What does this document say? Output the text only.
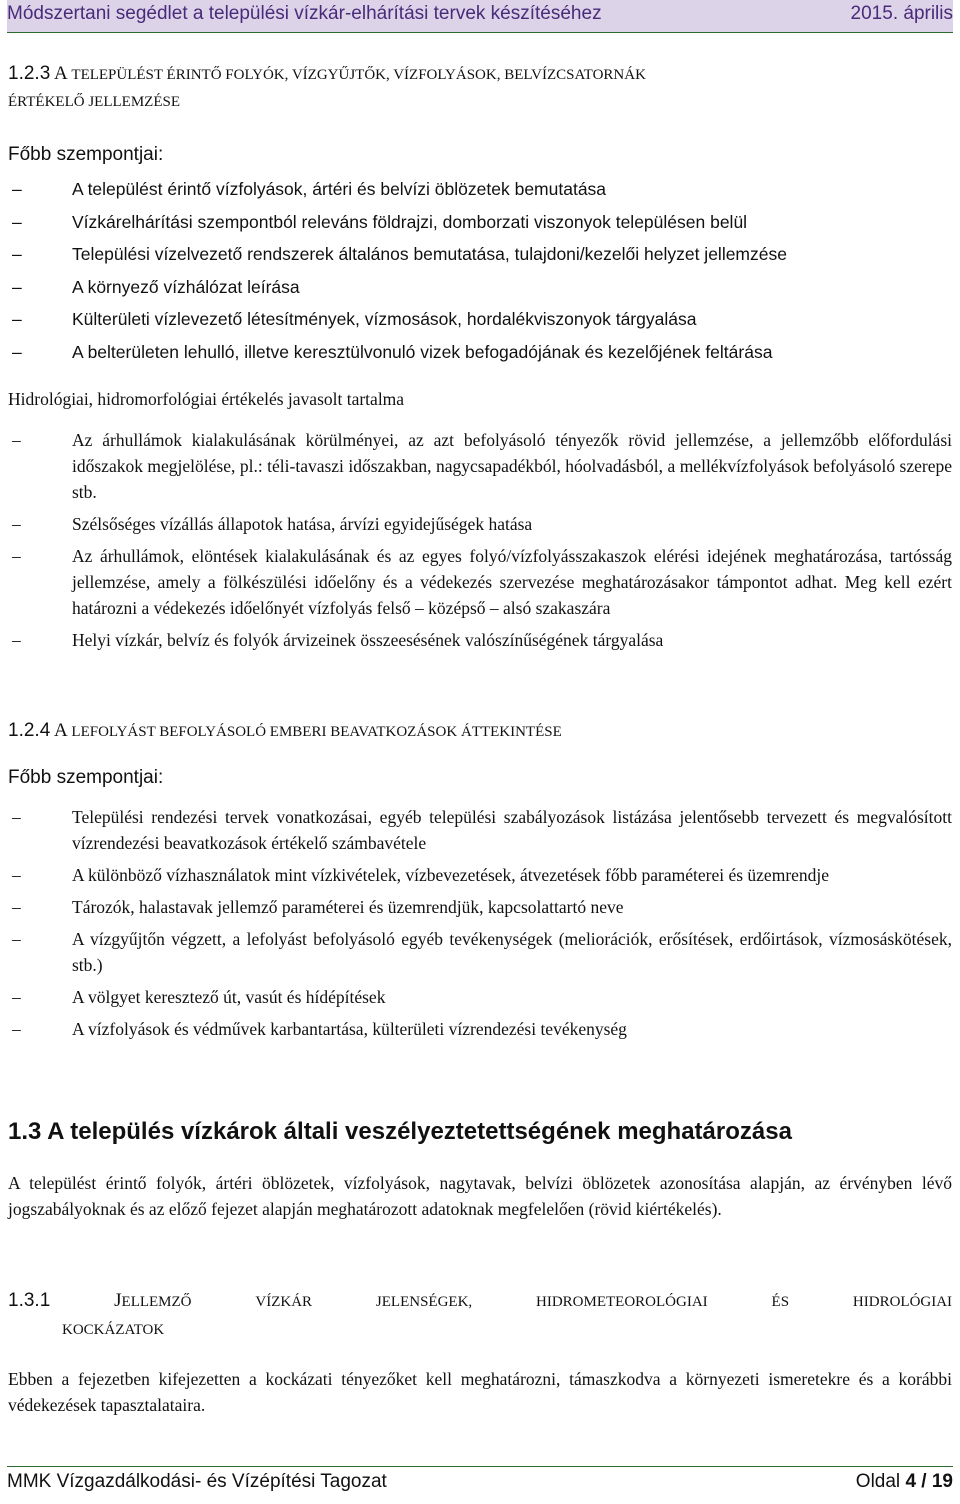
Módszertani segédlet a települési vízkár-elhárítási tervek készítéséhez	2015. április
1.2.3 A TELEPÜLÉST ÉRINTŐ FOLYÓK, VÍZGYŰJTŐK, VÍZFOLYÁSOK, BELVÍZCSATORNÁK
ÉRTÉKELŐ JELLEMZÉSE
Főbb szempontjai:
– A települést érintő vízfolyások, ártéri és belvízi öblözetek bemutatása
– Vízkárelhárítási szempontból releváns földrajzi, domborzati viszonyok településen belül
– Települési vízelvezető rendszerek általános bemutatása, tulajdoni/kezelői helyzet jellemzése
– A környező vízhálózat leírása
– Külterületi vízlevezető létesítmények, vízmosások, hordalékviszonyok tárgyalása
– A belterületen lehulló, illetve keresztülvonuló vizek befogadójának és kezelőjének feltárása
Hidrológiai, hidromorfológiai értékelés javasolt tartalma
– Az árhullámok kialakulásának körülményei, az azt befolyásoló tényezők rövid jellemzése, a jellemzőbb előfordulási időszakok megjelölése, pl.: téli-tavaszi időszakban, nagycsapadékból, hóolvadásból, a mellékvízfolyások befolyásoló szerepe stb.
– Szélsőséges vízállás állapotok hatása, árvízi egyidejűségek hatása
– Az árhullámok, elöntések kialakulásának és az egyes folyó/vízfolyásszakaszok elérési idejének meghatározása, tartósság jellemzése, amely a fölkészülési időelőny és a védekezés szervezése meghatározásakor támpontot adhat. Meg kell ezért határozni a védekezés időelőnyét vízfolyás felső – középső – alsó szakaszára
– Helyi vízkár, belvíz és folyók árvizeinek összeesésének valószínűségének tárgyalása
1.2.4 A LEFOLYÁST BEFOLYÁSOLÓ EMBERI BEAVATKOZÁSOK ÁTTEKINTÉSE
Főbb szempontjai:
– Települési rendezési tervek vonatkozásai, egyéb települési szabályozások listázása jelentősebb tervezett és megvalósított vízrendezési beavatkozások értékelő számbavétele
– A különböző vízhasználatok mint vízkivételek, vízbevezetések, átvezetések főbb paraméterei és üzemrendje
– Tározók, halastavak jellemző paraméterei és üzemrendjük, kapcsolattartó neve
– A vízgyűjtőn végzett, a lefolyást befolyásoló egyéb tevékenységek (meliorációk, erősítések, erdőirtások, vízmosáskötések, stb.)
– A völgyet keresztező út, vasút és hídépítések
– A vízfolyások és védművek karbantartása, külterületi vízrendezési tevékenység
1.3 A település vízkárok általi veszélyeztetettségének meghatározása
A települést érintő folyók, ártéri öblözetek, vízfolyások, nagytavak, belvízi öblözetek azonosítása alapján, az érvényben lévő jogszabályoknak és az előző fejezet alapján meghatározott adatoknak megfelelően (rövid kiértékelés).
1.3.1	JELLEMZŐ	VÍZKÁR	JELENSÉGEK,	HIDROMETEOROLÓGIAI	ÉS	HIDROLÓGIAI
KOCKÁZATOK
Ebben a fejezetben kifejezetten a kockázati tényezőket kell meghatározni, támaszkodva a környezeti ismeretekre és a korábbi védekezések tapasztalataira.
MMK Vízgazdálkodási- és Vízépítési Tagozat	Oldal 4 / 19
